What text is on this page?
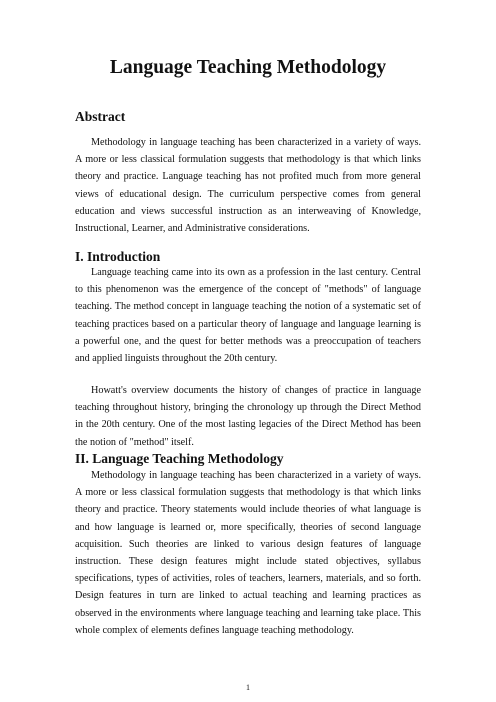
Language Teaching Methodology
Abstract

Methodology in language teaching has been characterized in a variety of ways. A more or less classical formulation suggests that methodology is that which links theory and practice. Language teaching has not profited much from more general views of educational design. The curriculum perspective comes from general education and views successful instruction as an interweaving of Knowledge, Instructional, Learner, and Administrative considerations.

I. Introduction

Language teaching came into its own as a profession in the last century. Central to this phenomenon was the emergence of the concept of "methods" of language teaching. The method concept in language teaching the notion of a systematic set of teaching practices based on a particular theory of language and language learning is a powerful one, and the quest for better methods was a preoccupation of teachers and applied linguists throughout the 20th century.

Howatt's overview documents the history of changes of practice in language teaching throughout history, bringing the chronology up through the Direct Method in the 20th century. One of the most lasting legacies of the Direct Method has been the notion of "method" itself.

II. Language Teaching Methodology

Methodology in language teaching has been characterized in a variety of ways. A more or less classical formulation suggests that methodology is that which links theory and practice. Theory statements would include theories of what language is and how language is learned or, more specifically, theories of second language acquisition. Such theories are linked to various design features of language instruction. These design features might include stated objectives, syllabus specifications, types of activities, roles of teachers, learners, materials, and so forth. Design features in turn are linked to actual teaching and learning practices as observed in the environments where language teaching and learning take place. This whole complex of elements defines language teaching methodology.

1
